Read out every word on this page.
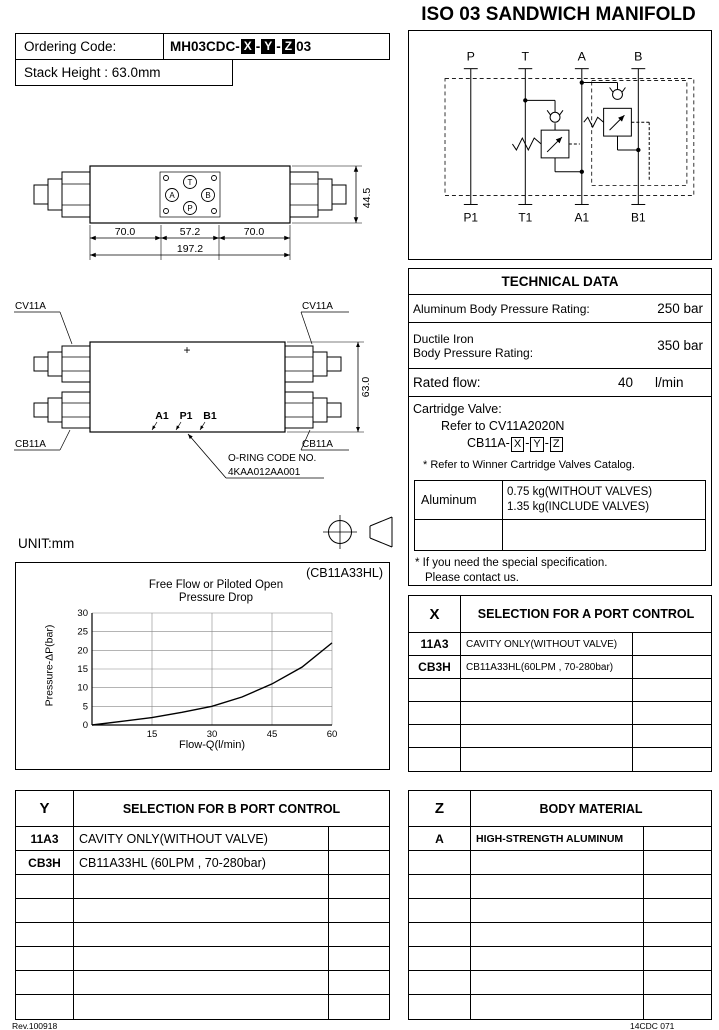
ISO 03 SANDWICH MANIFOLD
Ordering Code:	MH03CDC- X - Y - Z 03
Stack Height : 63.0mm
P	T	A	B
P1	T1	A1	B1
T
A	B
P
70.0	57.2	70.0
197.2
44.5
+
CV11A	CV11A
CB11A	CB11A
A1 P1 B1
63.0
O-RING CODE NO.
4KAA012AA001
UNIT:mm
TECHNICAL DATA
Aluminum Body Pressure Rating:	250 bar
Ductile Iron
Body Pressure Rating:	350 bar
Rated flow:	40 l/min
Cartridge Valve:
Refer to CV11A2020N
CB11A- X - Y - Z
* Refer to Winner Cartridge Valves Catalog.
Aluminum
0.75 kg(WITHOUT VALVES)
1.35 kg(INCLUDE VALVES)
* If you need the special specification.
Please contact us.
(CB11A33HL)
Free Flow or Piloted Open
Pressure Drop
Pressure-ΔP(bar)
15	30	45	60
0
5
10
15
20
25
30
Flow-Q(l/min)
X	SELECTION FOR A PORT CONTROL
11A3	CAVITY ONLY(WITHOUT VALVE)
CB3H	CB11A33HL(60LPM , 70-280bar)
Y	SELECTION FOR B PORT CONTROL
11A3	CAVITY ONLY(WITHOUT VALVE)
CB3H	CB11A33HL (60LPM , 70-280bar)
Z	BODY MATERIAL
A	HIGH-STRENGTH ALUMINUM
Rev.100918	14CDC 071
